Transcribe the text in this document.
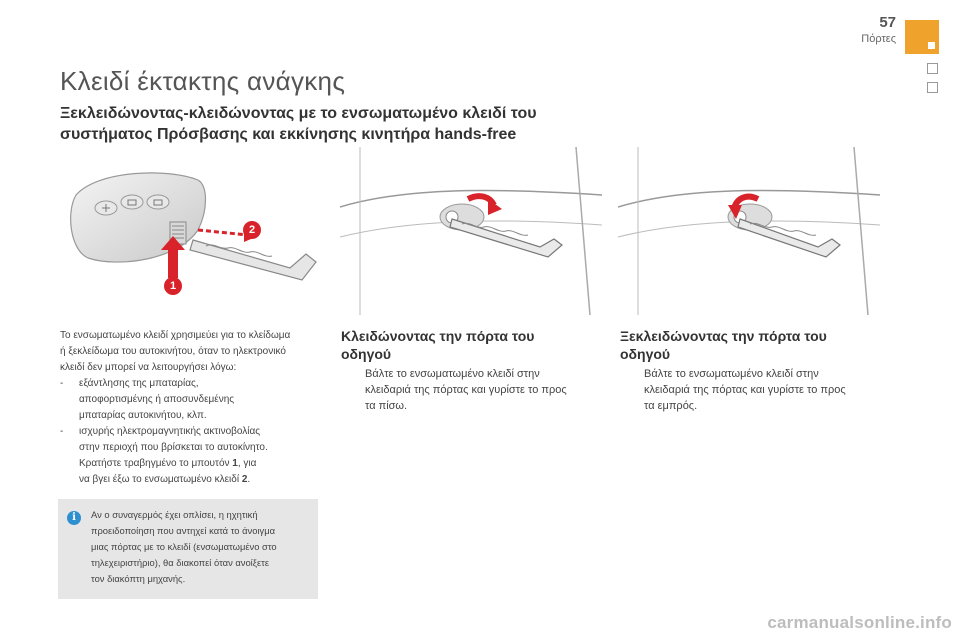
57
Πόρτες
Κλειδί έκτακτης ανάγκης
Ξεκλειδώνοντας-κλειδώνοντας με το ενσωματωμένο κλειδί του
συστήματος Πρόσβασης και εκκίνησης κινητήρα hands-free
1
2
Το ενσωματωμένο κλειδί χρησιμεύει για το κλείδωμα
ή ξεκλείδωμα του αυτοκινήτου, όταν το ηλεκτρονικό
κλειδί δεν μπορεί να λειτουργήσει λόγω:
- εξάντλησης της μπαταρίας,
αποφορτισμένης ή αποσυνδεμένης
μπαταρίας αυτοκινήτου, κλπ.
- ισχυρής ηλεκτρομαγνητικής ακτινοβολίας
στην περιοχή που βρίσκεται το αυτοκίνητο.
Κρατήστε τραβηγμένο το μπουτόν 1, για
να βγει έξω το ενσωματωμένο κλειδί 2.
i	Αν ο συναγερμός έχει οπλίσει, η ηχητική
προειδοποίηση που αντηχεί κατά το άνοιγμα
μιας πόρτας με το κλειδί (ενσωματωμένο στο
τηλεχειριστήριο), θα διακοπεί όταν ανοίξετε
τον διακόπτη μηχανής.
Κλειδώνοντας την πόρτα του
οδηγού
Βάλτε το ενσωματωμένο κλειδί στην
κλειδαριά της πόρτας και γυρίστε το προς
τα πίσω.
Ξεκλειδώνοντας την πόρτα του
οδηγού
Βάλτε το ενσωματωμένο κλειδί στην
κλειδαριά της πόρτας και γυρίστε το προς
τα εμπρός.
carmanualsonline.info
